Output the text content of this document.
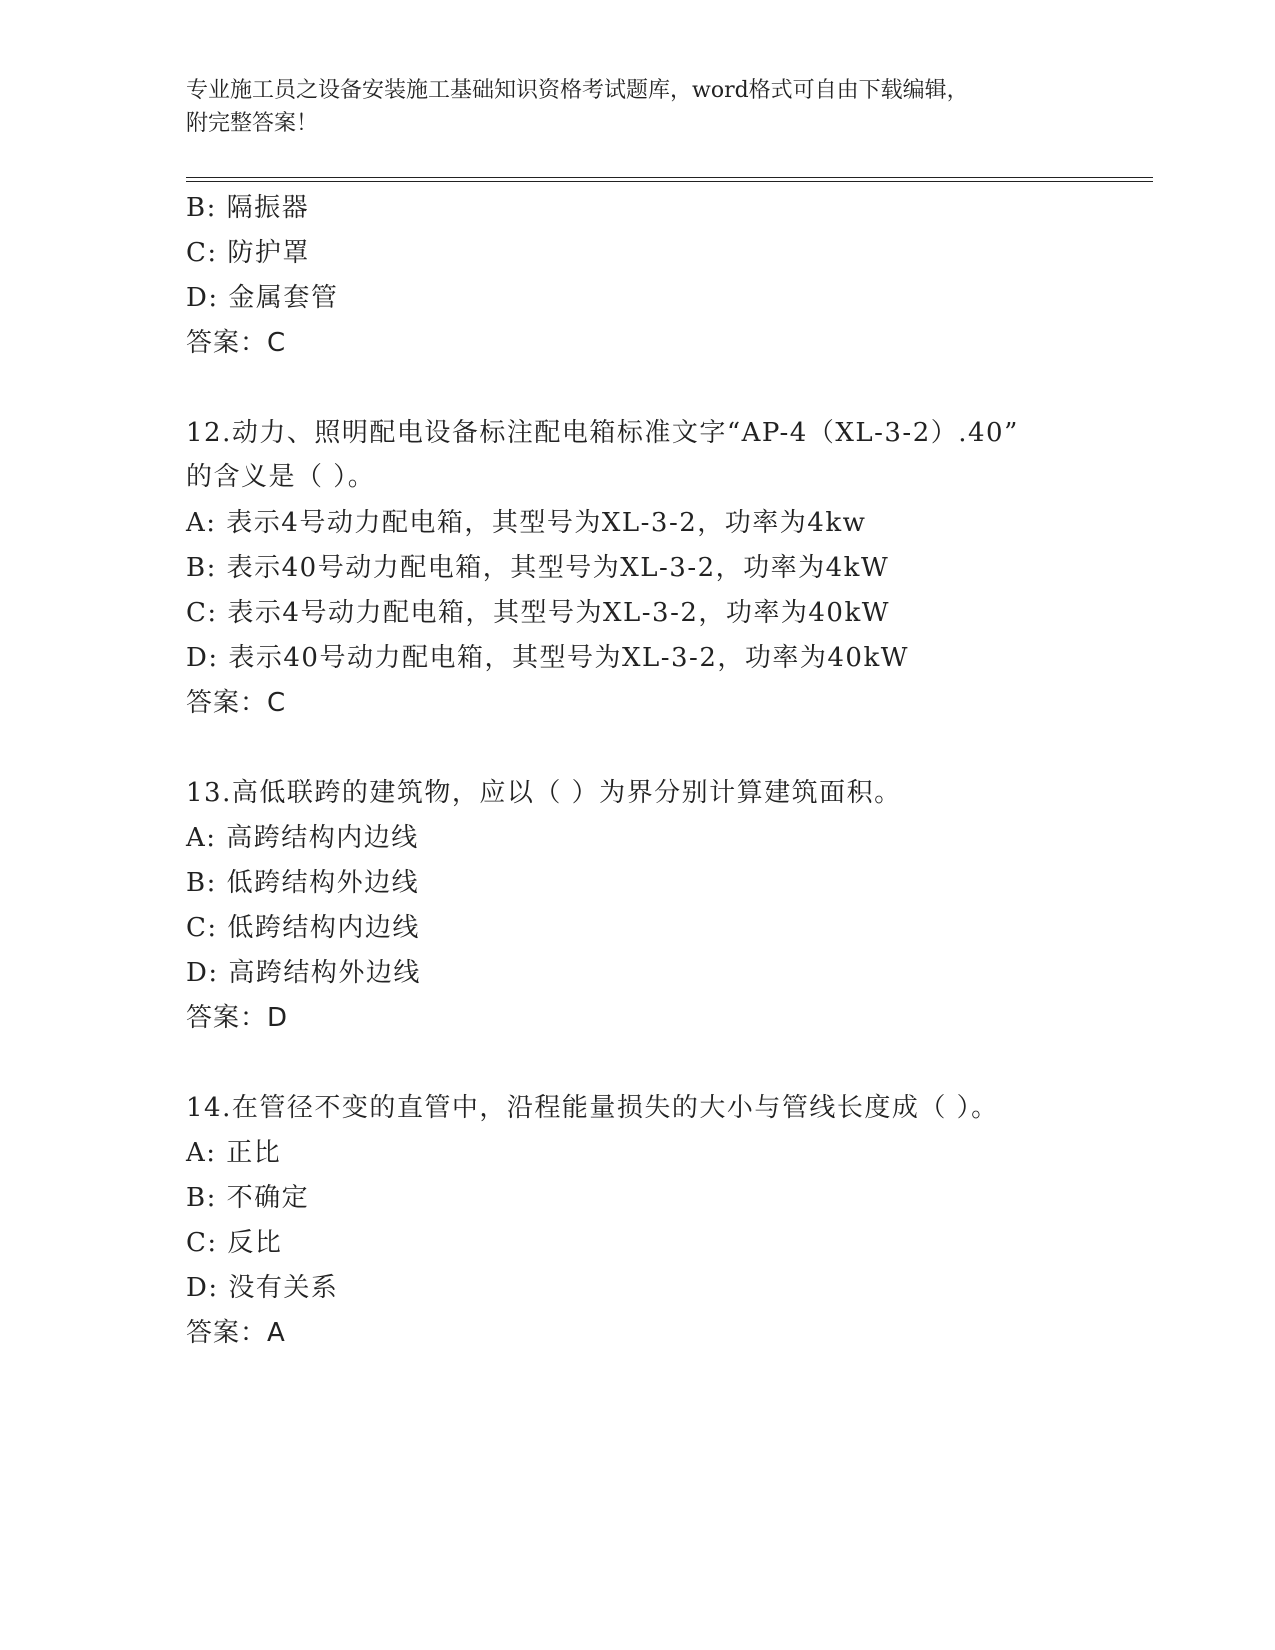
专业施工员之设备安装施工基础知识资格考试题库，word格式可自由下载编辑，
附完整答案！
B: 隔振器
C: 防护罩
D: 金属套管
答案：C
12.动力、照明配电设备标注配电箱标准文字“AP-4（XL-3-2）.40”
的含义是（ ）。
A: 表示4号动力配电箱，其型号为XL-3-2，功率为4kw
B: 表示40号动力配电箱，其型号为XL-3-2，功率为4kW
C: 表示4号动力配电箱，其型号为XL-3-2，功率为40kW
D: 表示40号动力配电箱，其型号为XL-3-2，功率为40kW
答案：C
13.高低联跨的建筑物，应以（ ）为界分别计算建筑面积。
A: 高跨结构内边线
B: 低跨结构外边线
C: 低跨结构内边线
D: 高跨结构外边线
答案：D
14.在管径不变的直管中，沿程能量损失的大小与管线长度成（ ）。
A: 正比
B: 不确定
C: 反比
D: 没有关系
答案：A
